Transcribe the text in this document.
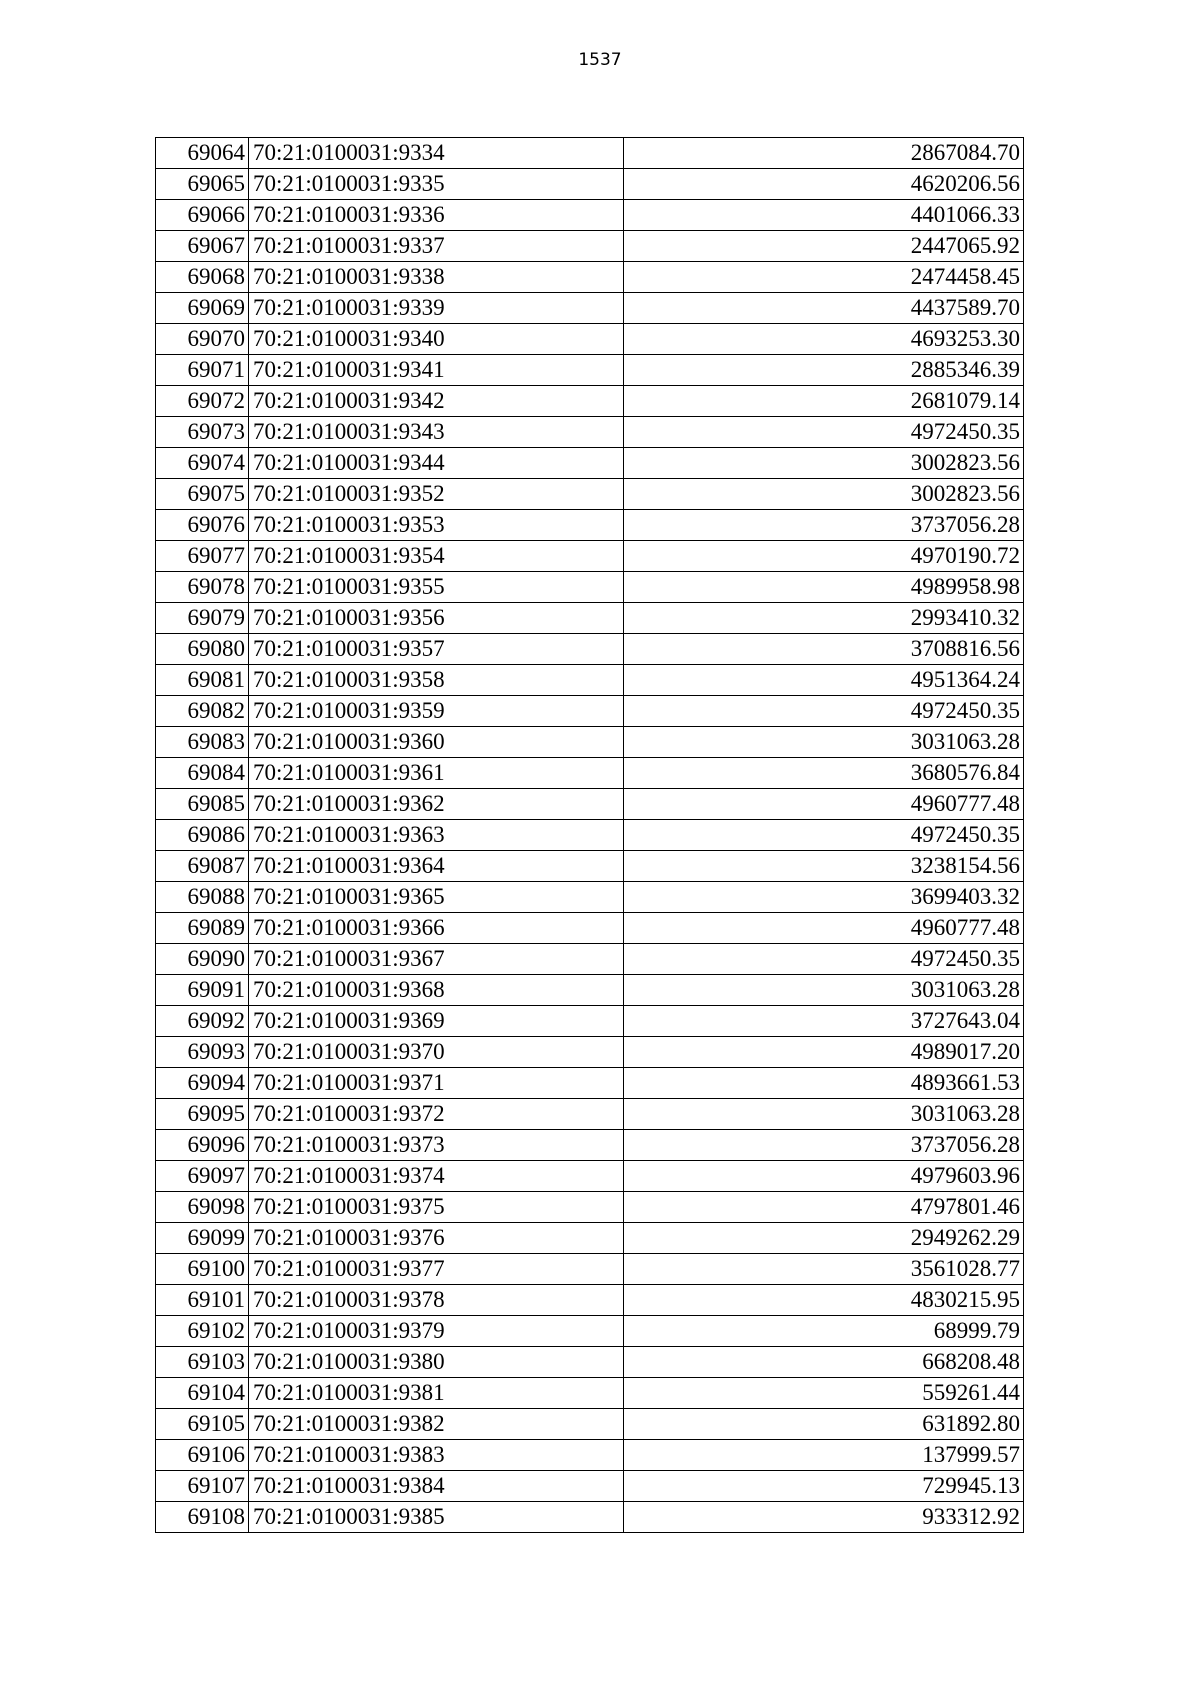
1537
69064	70:21:0100031:9334	2867084.70
69065	70:21:0100031:9335	4620206.56
69066	70:21:0100031:9336	4401066.33
69067	70:21:0100031:9337	2447065.92
69068	70:21:0100031:9338	2474458.45
69069	70:21:0100031:9339	4437589.70
69070	70:21:0100031:9340	4693253.30
69071	70:21:0100031:9341	2885346.39
69072	70:21:0100031:9342	2681079.14
69073	70:21:0100031:9343	4972450.35
69074	70:21:0100031:9344	3002823.56
69075	70:21:0100031:9352	3002823.56
69076	70:21:0100031:9353	3737056.28
69077	70:21:0100031:9354	4970190.72
69078	70:21:0100031:9355	4989958.98
69079	70:21:0100031:9356	2993410.32
69080	70:21:0100031:9357	3708816.56
69081	70:21:0100031:9358	4951364.24
69082	70:21:0100031:9359	4972450.35
69083	70:21:0100031:9360	3031063.28
69084	70:21:0100031:9361	3680576.84
69085	70:21:0100031:9362	4960777.48
69086	70:21:0100031:9363	4972450.35
69087	70:21:0100031:9364	3238154.56
69088	70:21:0100031:9365	3699403.32
69089	70:21:0100031:9366	4960777.48
69090	70:21:0100031:9367	4972450.35
69091	70:21:0100031:9368	3031063.28
69092	70:21:0100031:9369	3727643.04
69093	70:21:0100031:9370	4989017.20
69094	70:21:0100031:9371	4893661.53
69095	70:21:0100031:9372	3031063.28
69096	70:21:0100031:9373	3737056.28
69097	70:21:0100031:9374	4979603.96
69098	70:21:0100031:9375	4797801.46
69099	70:21:0100031:9376	2949262.29
69100	70:21:0100031:9377	3561028.77
69101	70:21:0100031:9378	4830215.95
69102	70:21:0100031:9379	68999.79
69103	70:21:0100031:9380	668208.48
69104	70:21:0100031:9381	559261.44
69105	70:21:0100031:9382	631892.80
69106	70:21:0100031:9383	137999.57
69107	70:21:0100031:9384	729945.13
69108	70:21:0100031:9385	933312.92
